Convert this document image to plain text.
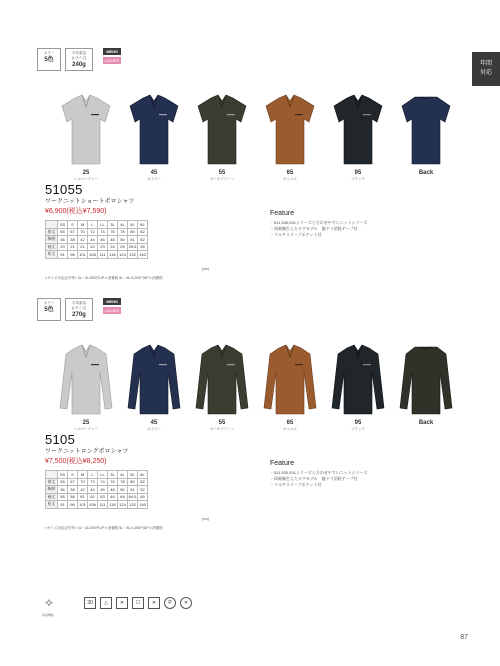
年間
対応
カラー
5色
平均重量
(Lサイズ)
240g
MENS
LADIES
25
シルバーグレー
45
ネイビー
55
カーキグリーン
65
キャメル
95
ブラック
Back
51055
ワークニットショートポロシャツ
¥6,900(税込¥7,590)
	SS	S	M	L	LL	3L	4L	5L	6L
着丈	65	67	70	72	74	76	78	80	82
胸囲	36	38	42	44	46	48	50	51	52
袖丈	20	21	21	22	23	24	25	25.5	26
裄丈	91	96	101	106	111	116	124	132	140
(cm)
<サイズ対応記号等> 3L〜4L/300円UP＊消費税 5L〜6L/1,000円UP＊消費税
Feature
・511,530,531シリーズと合わせやすいニットシリーズ
・両袖胸生えたタグモデル　縦ドリ消耗テープ付
・マルチスリーブポケット付
カラー
5色
平均重量
(Lサイズ)
270g
MENS
LADIES
25
シルバーグレー
45
ネイビー
55
カーキグリーン
65
キャメル
95
ブラック
Back
5105
ワークニットロングポロシャツ
¥7,500(税込¥8,250)
	SS	S	M	L	LL	3L	4L	5L	6L
着丈	65	67	70	72	74	76	78	80	82
胸囲	36	38	42	44	46	48	50	51	52
袖丈	56	58	61	62	63	64	64	64.5	65
裄丈	91	96	101	106	111	116	124	132	140
(cm)
<サイズ対応記号等> 3L〜4L/300円UP＊消費税 5L〜6L/1,000円UP＊消費税
Feature
・511,530,531シリーズと合わせやすいニットシリーズ
・両袖胸生えたタグモデル　縦ドリ消耗テープ付
・マルチスリーブポケット付
✧	30	△	✕	☐	✕	P	✕
消臭機能
87
